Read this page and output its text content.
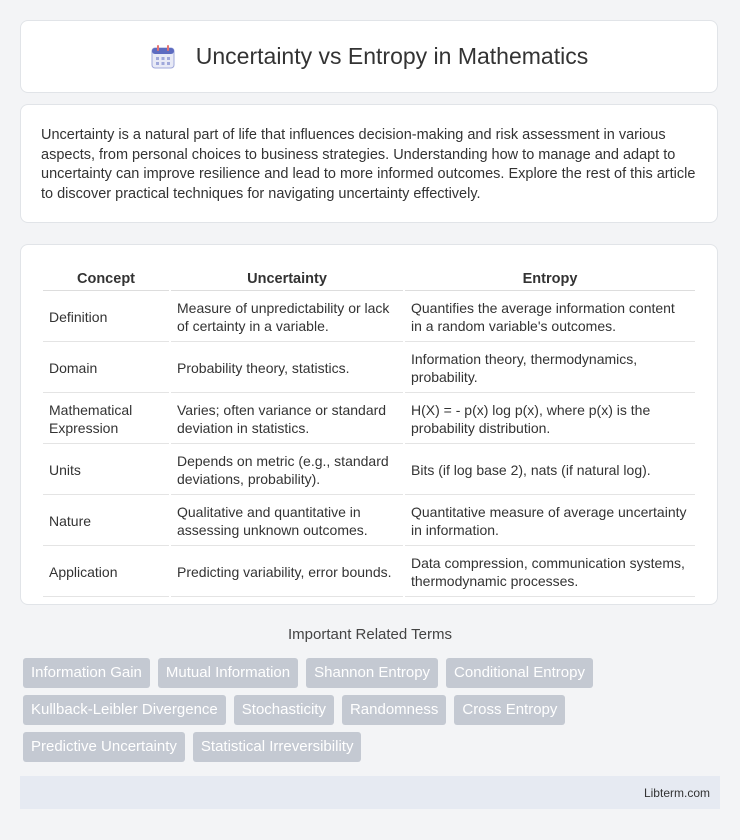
Uncertainty vs Entropy in Mathematics

Uncertainty is a natural part of life that influences decision-making and risk assessment in various aspects, from personal choices to business strategies. Understanding how to manage and adapt to uncertainty can improve resilience and lead to more informed outcomes. Explore the rest of this article to discover practical techniques for navigating uncertainty effectively.

Concept	Uncertainty	Entropy
Definition	Measure of unpredictability or lack of certainty in a variable.	Quantifies the average information content in a random variable's outcomes.
Domain	Probability theory, statistics.	Information theory, thermodynamics, probability.
Mathematical Expression	Varies; often variance or standard deviation in statistics.	H(X) = - p(x) log p(x), where p(x) is the probability distribution.
Units	Depends on metric (e.g., standard deviations, probability).	Bits (if log base 2), nats (if natural log).
Nature	Qualitative and quantitative in assessing unknown outcomes.	Quantitative measure of average uncertainty in information.
Application	Predicting variability, error bounds.	Data compression, communication systems, thermodynamic processes.
Important Related Terms
Information Gain	Mutual Information	Shannon Entropy	Conditional Entropy
Kullback-Leibler Divergence	Stochasticity	Randomness	Cross Entropy
Predictive Uncertainty	Statistical Irreversibility
Libterm.com
